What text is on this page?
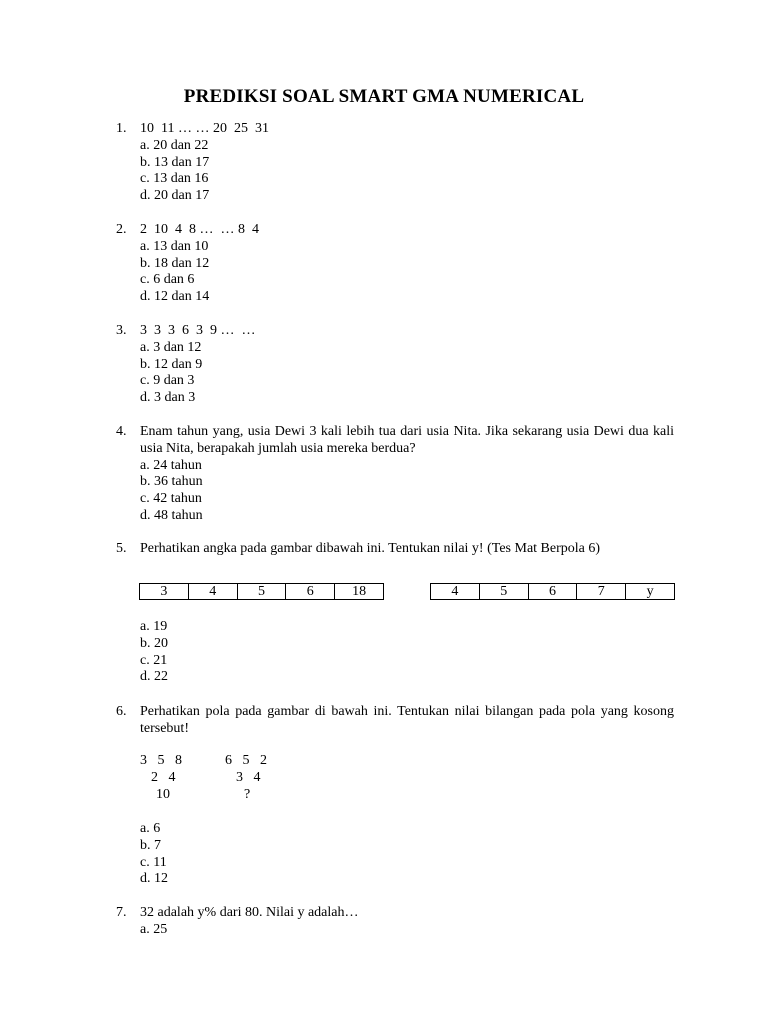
PREDIKSI SOAL SMART GMA NUMERICAL
1. 10  11 … … 20  25  31
a. 20 dan 22
b. 13 dan 17
c. 13 dan 16
d. 20 dan 17
2. 2  10  4  8 …  … 8  4
a. 13 dan 10
b. 18 dan 12
c. 6 dan 6
d. 12 dan 14
3. 3  3  3  6  3  9 …  …
a. 3 dan 12
b. 12 dan 9
c. 9 dan 3
d. 3 dan 3
4. Enam tahun yang, usia Dewi 3 kali lebih tua dari usia Nita. Jika sekarang usia Dewi dua kali usia Nita, berapakah jumlah usia mereka berdua?
a. 24 tahun
b. 36 tahun
c. 42 tahun
d. 48 tahun
5. Perhatikan angka pada gambar dibawah ini. Tentukan nilai y! (Tes Mat Berpola 6)
3	4	5	6	18	4	5	6	7	y
a. 19
b. 20
c. 21
d. 22
6. Perhatikan pola pada gambar di bawah ini. Tentukan nilai bilangan pada pola yang kosong tersebut!
3   5   8
2   4
10
6   5   2
3   4
?
a. 6
b. 7
c. 11
d. 12
7. 32 adalah y% dari 80. Nilai y adalah…
a. 25
